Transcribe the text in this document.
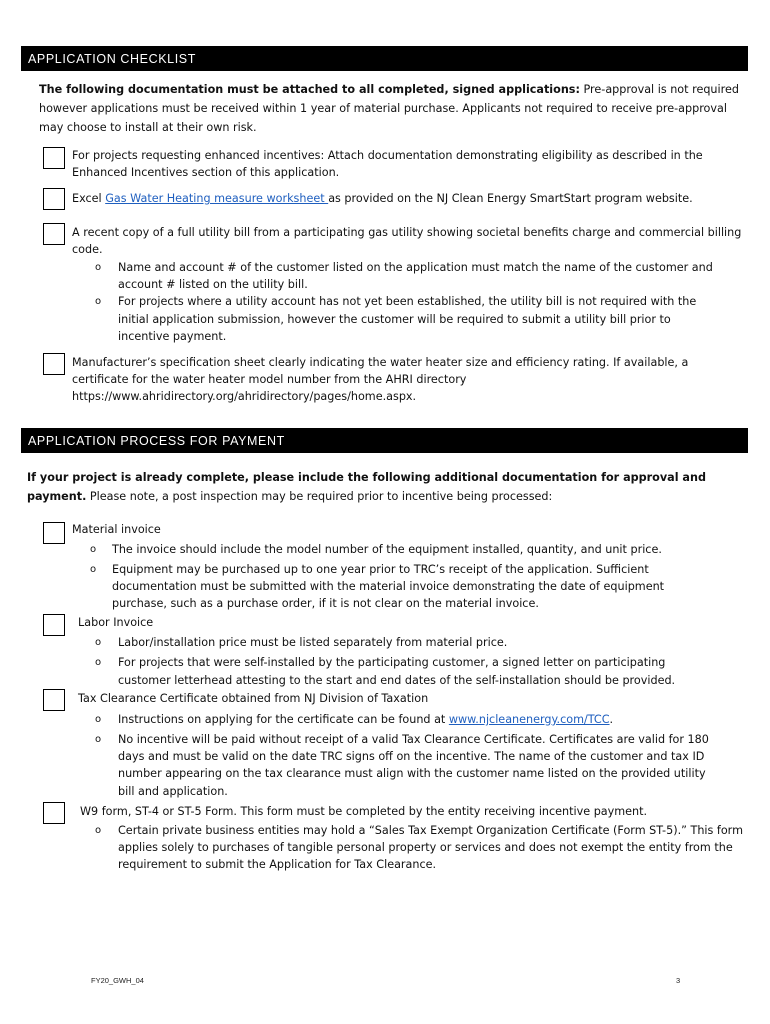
APPLICATION CHECKLIST
The following documentation must be attached to all completed, signed applications: Pre-approval is not required however applications must be received within 1 year of material purchase. Applicants not required to receive pre-approval may choose to install at their own risk.
For projects requesting enhanced incentives: Attach documentation demonstrating eligibility as described in the
Enhanced Incentives section of this application.
Excel Gas Water Heating measure worksheet as provided on the NJ Clean Energy SmartStart program website.
A recent copy of a full utility bill from a participating gas utility showing societal benefits charge and commercial billing
code.
o Name and account # of the customer listed on the application must match the name of the customer and
account # listed on the utility bill.
o For projects where a utility account has not yet been established, the utility bill is not required with the
initial application submission, however the customer will be required to submit a utility bill prior to
incentive payment.
Manufacturer’s specification sheet clearly indicating the water heater size and efficiency rating. If available, a
certificate for the water heater model number from the AHRI directory
https://www.ahridirectory.org/ahridirectory/pages/home.aspx.
APPLICATION PROCESS FOR PAYMENT
If your project is already complete, please include the following additional documentation for approval and payment. Please note, a post inspection may be required prior to incentive being processed:
Material invoice
o The invoice should include the model number of the equipment installed, quantity, and unit price.
o Equipment may be purchased up to one year prior to TRC’s receipt of the application. Sufficient
documentation must be submitted with the material invoice demonstrating the date of equipment
purchase, such as a purchase order, if it is not clear on the material invoice.
Labor Invoice
o Labor/installation price must be listed separately from material price.
o For projects that were self-installed by the participating customer, a signed letter on participating
customer letterhead attesting to the start and end dates of the self-installation should be provided.
Tax Clearance Certificate obtained from NJ Division of Taxation
o Instructions on applying for the certificate can be found at www.njcleanenergy.com/TCC.
o No incentive will be paid without receipt of a valid Tax Clearance Certificate. Certificates are valid for 180
days and must be valid on the date TRC signs off on the incentive. The name of the customer and tax ID
number appearing on the tax clearance must align with the customer name listed on the provided utility
bill and application.
W9 form, ST-4 or ST-5 Form. This form must be completed by the entity receiving incentive payment.
o Certain private business entities may hold a “Sales Tax Exempt Organization Certificate (Form ST-5).” This form
applies solely to purchases of tangible personal property or services and does not exempt the entity from the
requirement to submit the Application for Tax Clearance.
FY20_GWH_04	3
